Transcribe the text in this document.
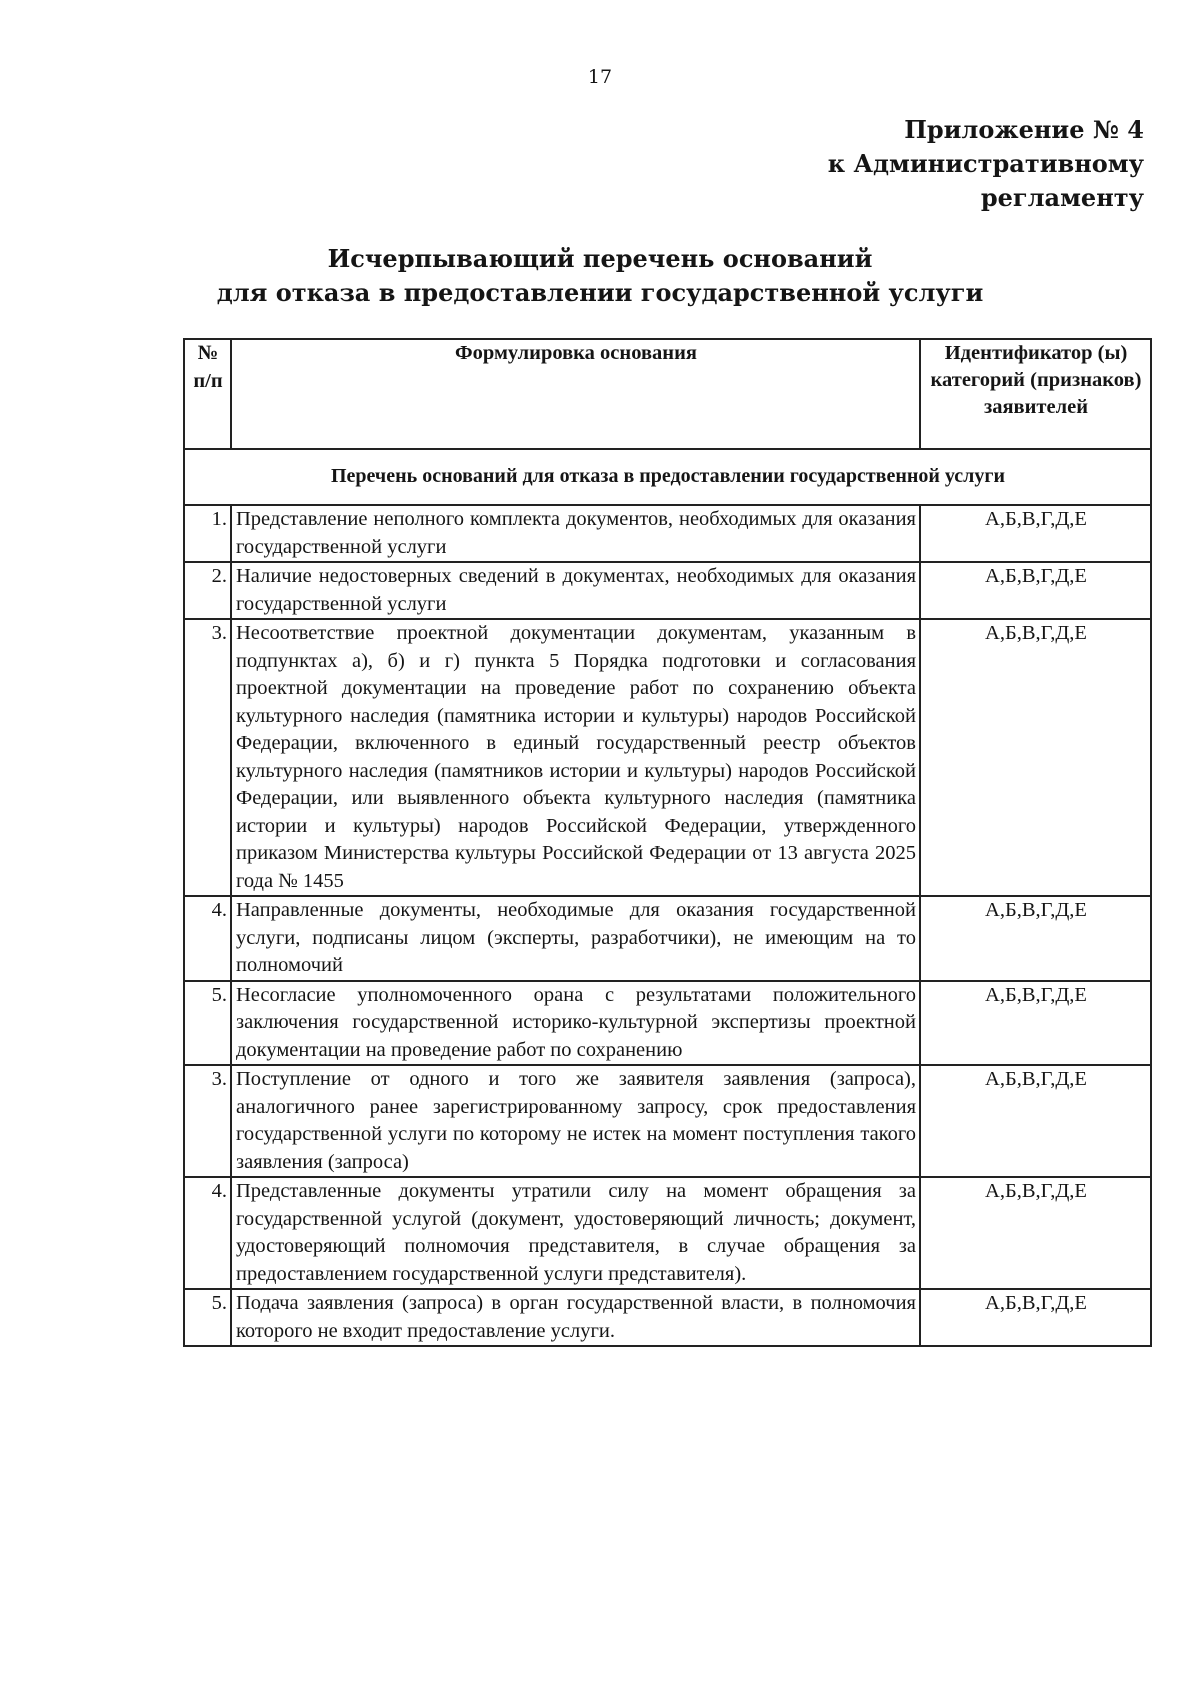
17
Приложение № 4
к Административному
регламенту
Исчерпывающий перечень оснований
для отказа в предоставлении государственной услуги
№ п/п	Формулировка основания	Идентификатор (ы) категорий (признаков) заявителей
Перечень оснований для отказа в предоставлении государственной услуги		
1.	Представление неполного комплекта документов, необходимых для оказания государственной услуги	А,Б,В,Г,Д,Е
2.	Наличие недостоверных сведений в документах, необходимых для оказания государственной услуги	А,Б,В,Г,Д,Е
3.	Несоответствие проектной документации документам, указанным в подпунктах а), б) и г) пункта 5 Порядка подготовки и согласования проектной документации на проведение работ по сохранению объекта культурного наследия (памятника истории и культуры) народов Российской Федерации, включенного в единый государственный реестр объектов культурного наследия (памятников истории и культуры) народов Российской Федерации, или выявленного объекта культурного наследия (памятника истории и культуры) народов Российской Федерации, утвержденного приказом Министерства культуры Российской Федерации от 13 августа 2025 года № 1455	А,Б,В,Г,Д,Е
4.	Направленные документы, необходимые для оказания государственной услуги, подписаны лицом (эксперты, разработчики), не имеющим на то полномочий	А,Б,В,Г,Д,Е
5.	Несогласие уполномоченного орана с результатами положительного заключения государственной историко-культурной экспертизы проектной документации на проведение работ по сохранению	А,Б,В,Г,Д,Е
3.	Поступление от одного и того же заявителя заявления (запроса), аналогичного ранее зарегистрированному запросу, срок предоставления государственной услуги по которому не истек на момент поступления такого заявления (запроса)	А,Б,В,Г,Д,Е
4.	Представленные документы утратили силу на момент обращения за государственной услугой (документ, удостоверяющий личность; документ, удостоверяющий полномочия представителя, в случае обращения за предоставлением государственной услуги представителя).	А,Б,В,Г,Д,Е
5.	Подача заявления (запроса) в орган государственной власти, в полномочия которого не входит предоставление услуги.	А,Б,В,Г,Д,Е
